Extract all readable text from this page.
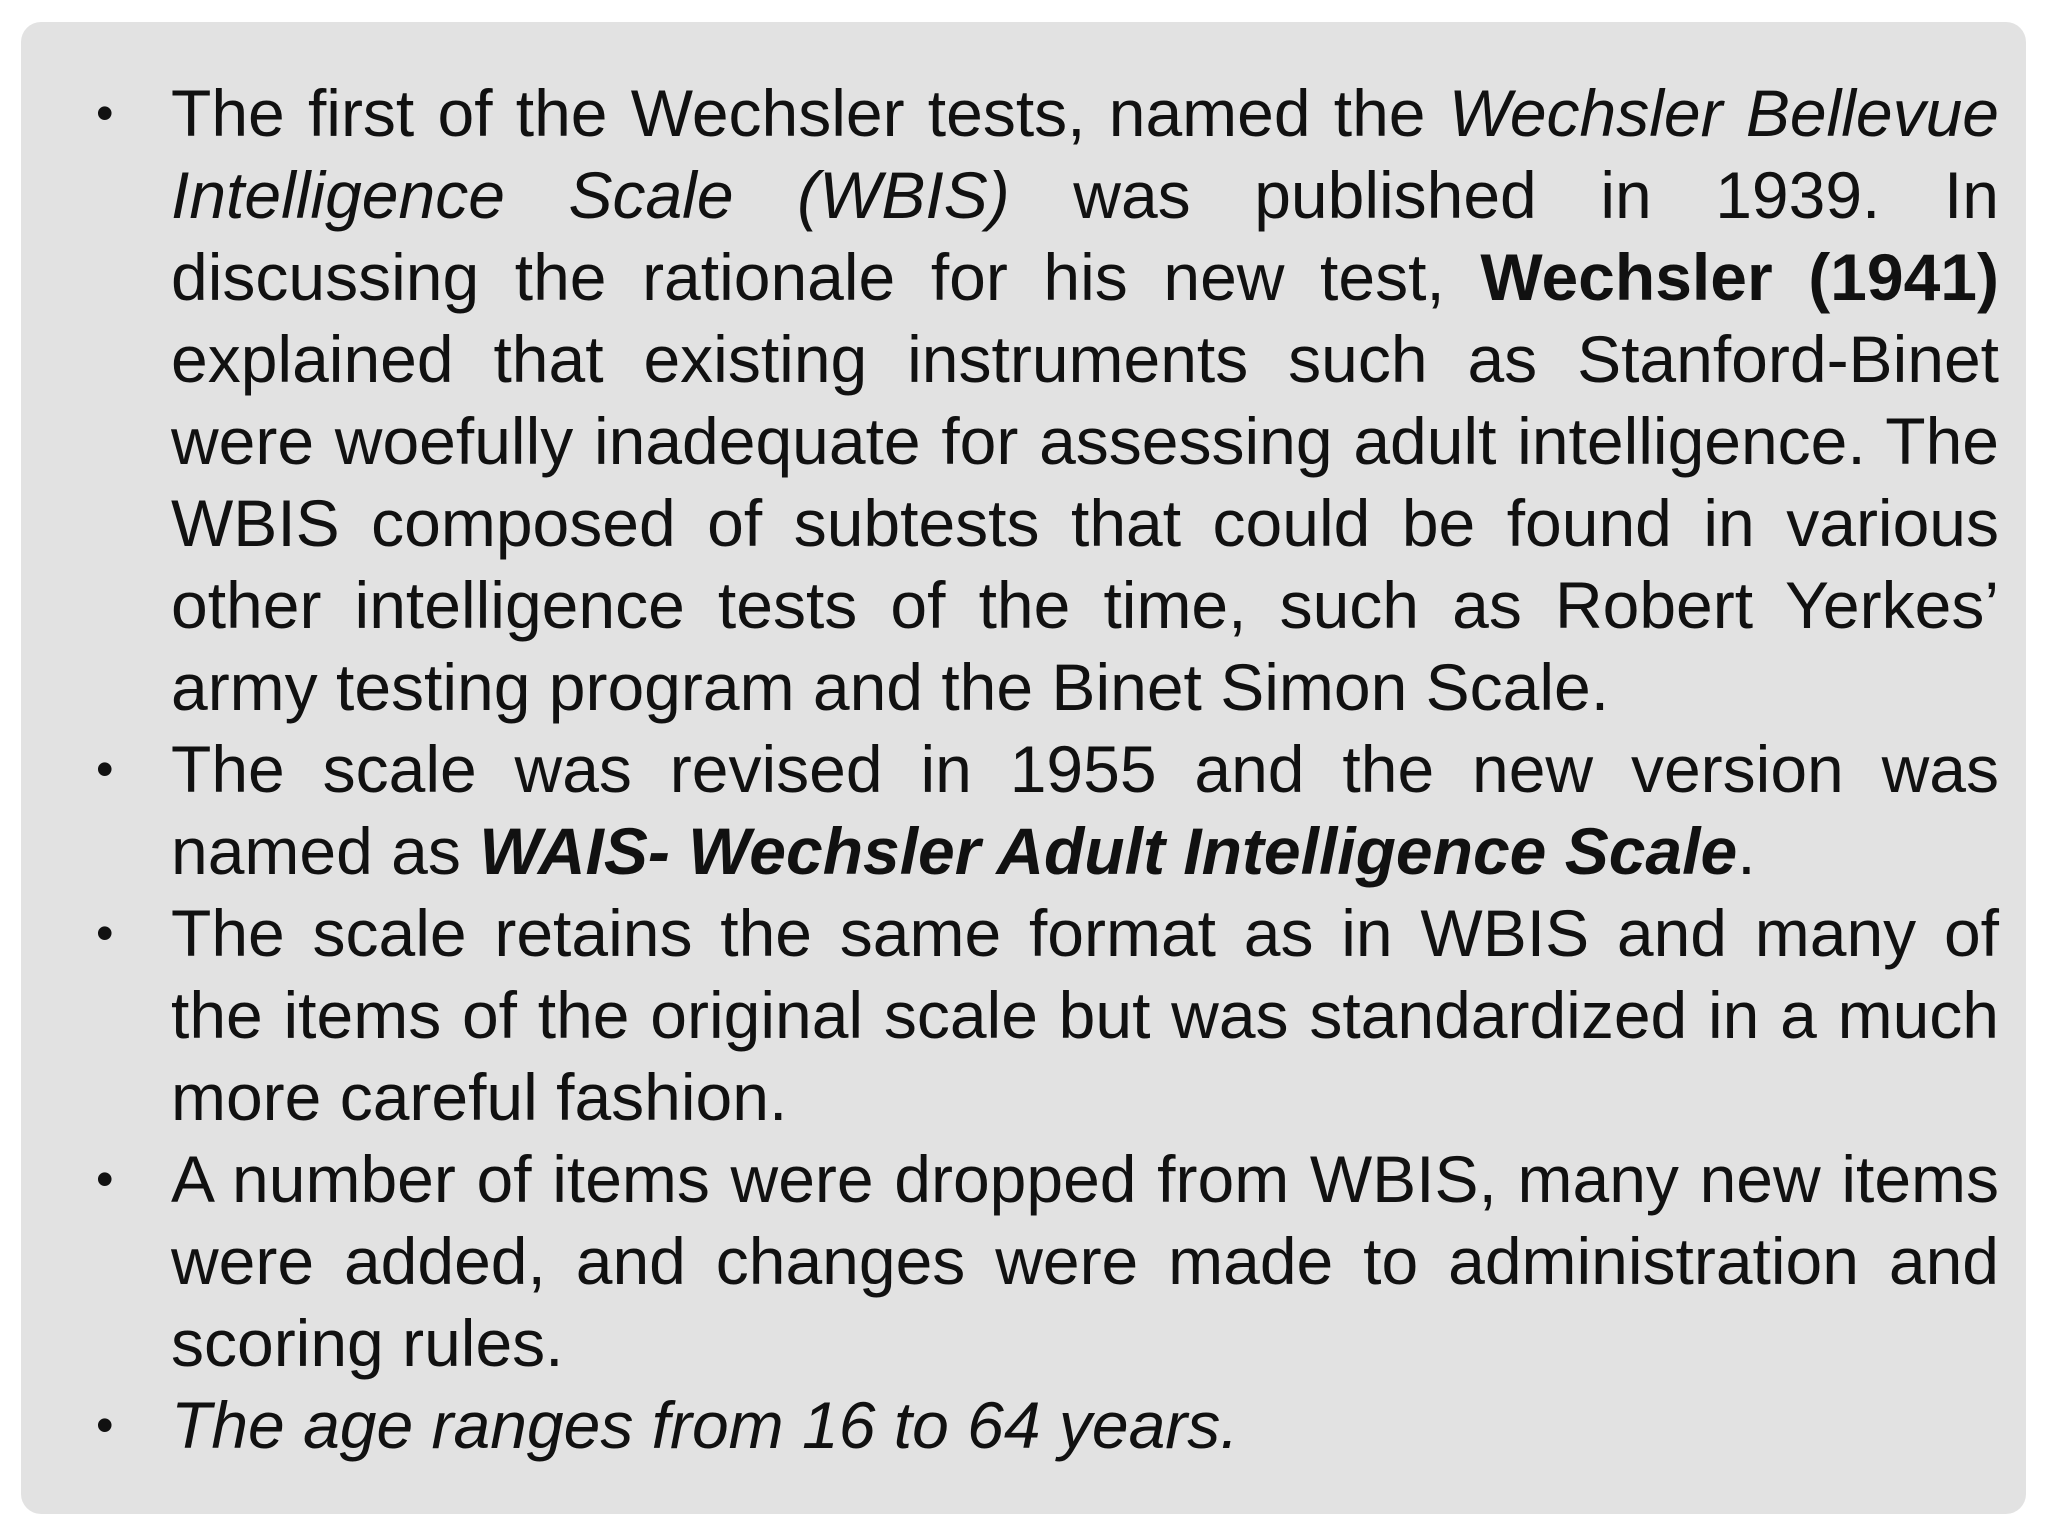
• The first of the Wechsler tests, named the Wechsler Bellevue Intelligence Scale (WBIS) was published in 1939. In discussing the rationale for his new test, Wechsler (1941) explained that existing instruments such as Stanford-Binet were woefully inadequate for assessing adult intelligence. The WBIS composed of subtests that could be found in various other intelligence tests of the time, such as Robert Yerkes’ army testing program and the Binet Simon Scale.
• The scale was revised in 1955 and the new version was named as WAIS- Wechsler Adult Intelligence Scale.
• The scale retains the same format as in WBIS and many of the items of the original scale but was standardized in a much more careful fashion.
• A number of items were dropped from WBIS, many new items were added, and changes were made to administration and scoring rules.
• The age ranges from 16 to 64 years.
